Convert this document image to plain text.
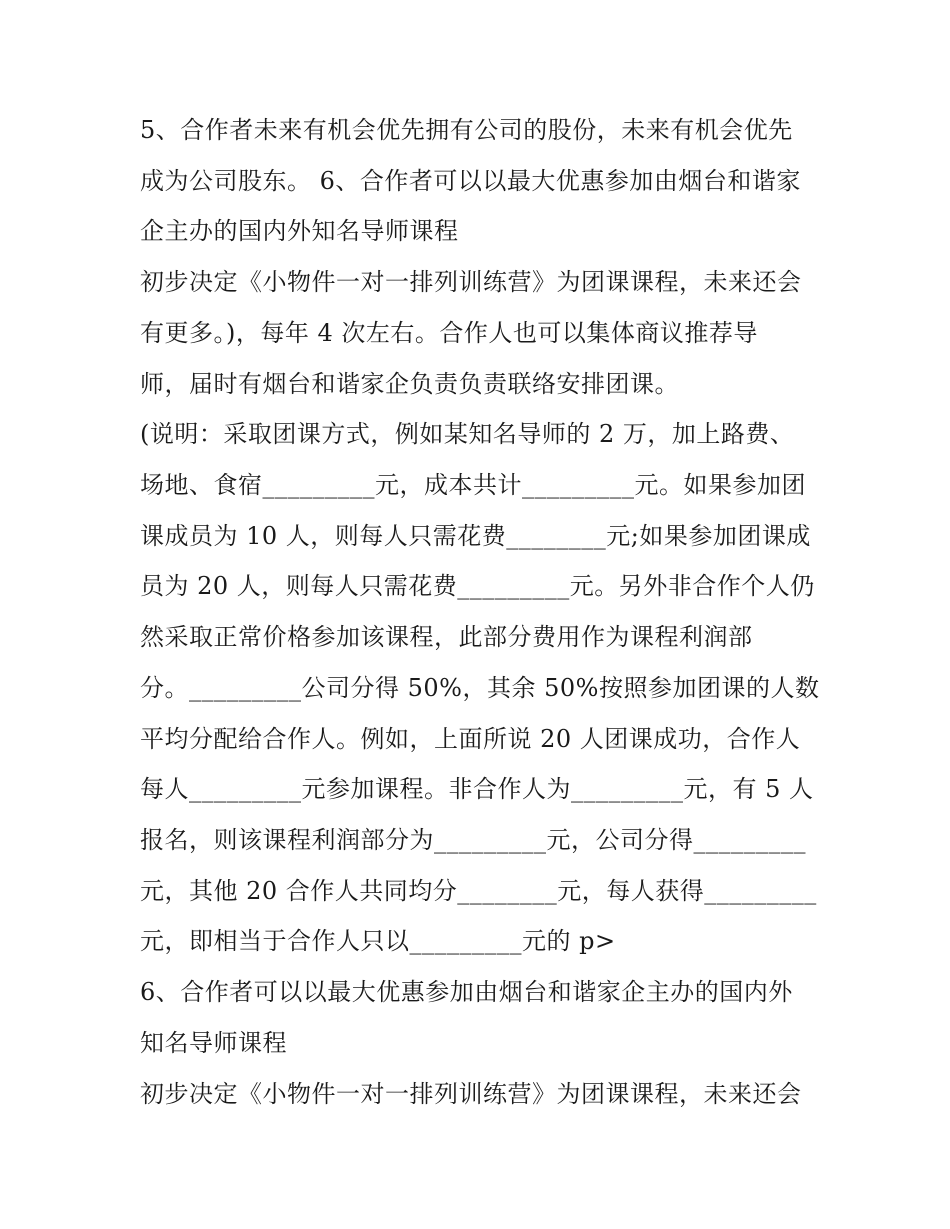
5、合作者未来有机会优先拥有公司的股份，未来有机会优先
成为公司股东。 6、合作者可以以最大优惠参加由烟台和谐家
企主办的国内外知名导师课程
初步决定《小物件一对一排列训练营》为团课课程，未来还会
有更多。)，每年 4 次左右。合作人也可以集体商议推荐导
师，届时有烟台和谐家企负责负责联络安排团课。
(说明：采取团课方式，例如某知名导师的 2 万，加上路费、
场地、食宿_________元，成本共计_________元。如果参加团
课成员为 10 人，则每人只需花费________元;如果参加团课成
员为 20 人，则每人只需花费_________元。另外非合作个人仍
然采取正常价格参加该课程，此部分费用作为课程利润部
分。_________公司分得 50%，其余 50%按照参加团课的人数
平均分配给合作人。例如，上面所说 20 人团课成功，合作人
每人_________元参加课程。非合作人为_________元，有 5 人
报名，则该课程利润部分为_________元，公司分得_________
元，其他 20 合作人共同均分________元，每人获得_________
元，即相当于合作人只以_________元的 p>
6、合作者可以以最大优惠参加由烟台和谐家企主办的国内外
知名导师课程
初步决定《小物件一对一排列训练营》为团课课程，未来还会
